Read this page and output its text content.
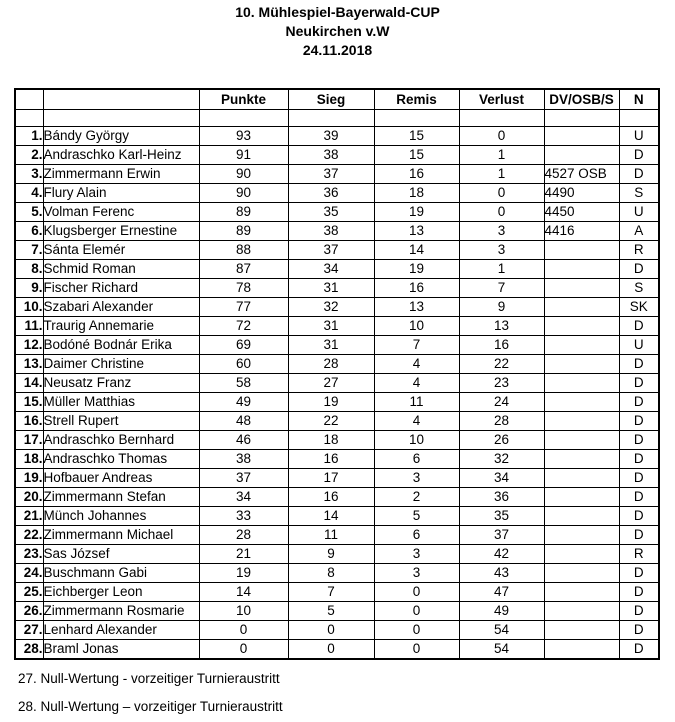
10. Mühlespiel-Bayerwald-CUP
Neukirchen v.W
24.11.2018
		Punkte	Sieg	Remis	Verlust	DV/OSB/S	N

1.	Bándy György	93	39	15	0		U
2.	Andraschko Karl-Heinz	91	38	15	1		D
3.	Zimmermann Erwin	90	37	16	1	4527 OSB	D
4.	Flury Alain	90	36	18	0	4490	S
5.	Volman Ferenc	89	35	19	0	4450	U
6.	Klugsberger Ernestine	89	38	13	3	4416	A
7.	Sánta Elemér	88	37	14	3		R
8.	Schmid Roman	87	34	19	1		D
9.	Fischer Richard	78	31	16	7		S
10.	Szabari Alexander	77	32	13	9		SK
11.	Traurig Annemarie	72	31	10	13		D
12.	Bodóné Bodnár Erika	69	31	7	16		U
13.	Daimer Christine	60	28	4	22		D
14.	Neusatz Franz	58	27	4	23		D
15.	Müller Matthias	49	19	11	24		D
16.	Strell Rupert	48	22	4	28		D
17.	Andraschko Bernhard	46	18	10	26		D
18.	Andraschko Thomas	38	16	6	32		D
19.	Hofbauer Andreas	37	17	3	34		D
20.	Zimmermann Stefan	34	16	2	36		D
21.	Münch Johannes	33	14	5	35		D
22.	Zimmermann Michael	28	11	6	37		D
23.	Sas József	21	9	3	42		R
24.	Buschmann Gabi	19	8	3	43		D
25.	Eichberger Leon	14	7	0	47		D
26.	Zimmermann Rosmarie	10	5	0	49		D
27.	Lenhard Alexander	0	0	0	54		D
28.	Braml Jonas	0	0	0	54		D
27. Null-Wertung - vorzeitiger Turnieraustritt
28. Null-Wertung – vorzeitiger Turnieraustritt
